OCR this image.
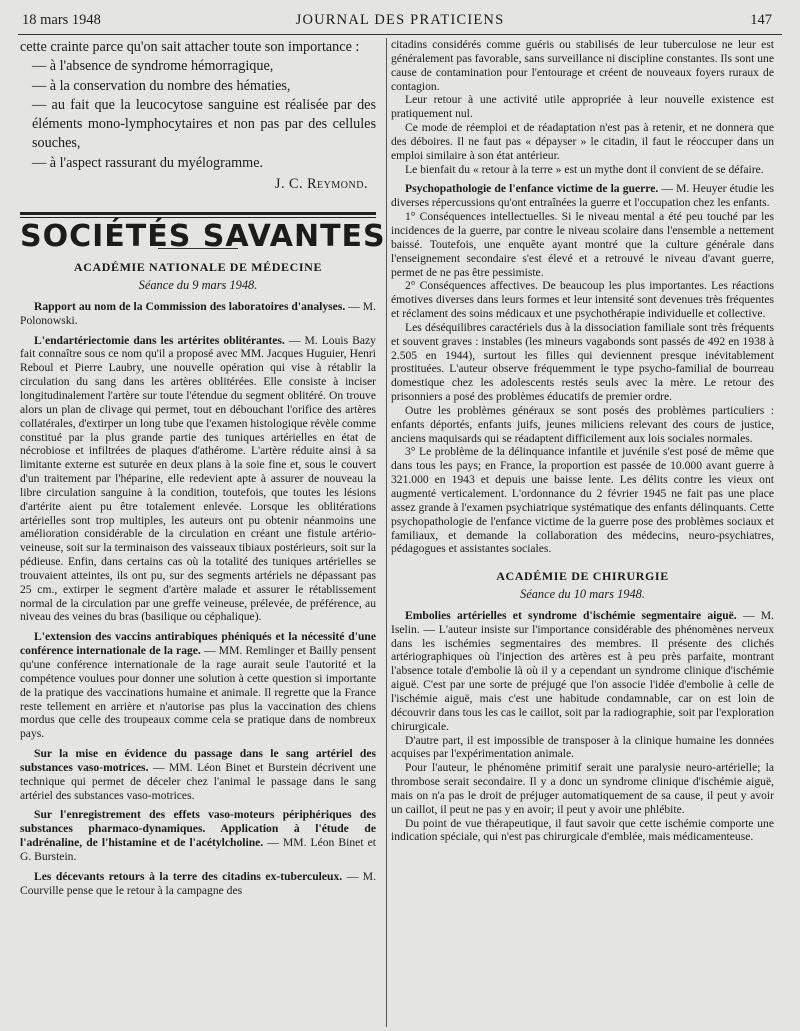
18 mars 1948	JOURNAL DES PRATICIENS	147

cette crainte parce qu'on sait attacher toute son importance :

— à l'absence de syndrome hémorragique,

— à la conservation du nombre des hématies,

— au fait que la leucocytose sanguine est réalisée par des éléments mono-lymphocytaires et non pas par des cellules souches,

— à l'aspect rassurant du myélogramme.

J. C. Reymond.

SOCIÉTÉS SAVANTES
ACADÉMIE NATIONALE DE MÉDECINE
Séance du 9 mars 1948.

Rapport au nom de la Commission des laboratoires d'analyses. — M. Polonowski.

L'endartériectomie dans les artérites oblitérantes. — M. Louis Bazy fait connaître sous ce nom qu'il a proposé avec MM. Jacques Huguier, Henri Reboul et Pierre Laubry, une nouvelle opération qui vise à rétablir la circulation du sang dans les artères oblitérées. Elle consiste à inciser longitudinalement l'artère sur toute l'étendue du segment oblitéré. On trouve alors un plan de clivage qui permet, tout en débouchant l'orifice des artères collatérales, d'extirper un long tube que l'examen histologique révèle comme constitué par la plus grande partie des tuniques artérielles en état de nécrobiose et infiltrées de plaques d'athérome. L'artère réduite ainsi à sa limitante externe est suturée en deux plans à la soie fine et, sous le couvert d'un traitement par l'héparine, elle redevient apte à assurer de nouveau la libre circulation sanguine à la condition, toutefois, que toutes les lésions d'artérite aient pu être totalement enlevée. Lorsque les oblitérations artérielles sont trop multiples, les auteurs ont pu obtenir néanmoins une amélioration considérable de la circulation en créant une fistule artério-veineuse, soit sur la terminaison des vaisseaux tibiaux postérieurs, soit sur la pédieuse. Enfin, dans certains cas où la totalité des tuniques artérielles se trouvaient atteintes, ils ont pu, sur des segments artériels ne dépassant pas 25 cm., extirper le segment d'artère malade et assurer le rétablissement normal de la circulation par une greffe veineuse, prélevée, de préférence, au niveau des veines du bras (basilique ou céphalique).

L'extension des vaccins antirabiques phéniqués et la nécessité d'une conférence internationale de la rage. — MM. Remlinger et Bailly pensent qu'une conférence internationale de la rage aurait seule l'autorité et la compétence voulues pour donner une solution à cette question si importante de la pratique des vaccinations humaine et animale. Il regrette que la France reste tellement en arrière et n'autorise pas plus la vaccination des chiens mordus que celle des troupeaux comme cela se pratique dans de nombreux pays.

Sur la mise en évidence du passage dans le sang artériel des substances vaso-motrices. — MM. Léon Binet et Burstein décrivent une technique qui permet de déceler chez l'animal le passage dans le sang artériel des substances vaso-motrices.

Sur l'enregistrement des effets vaso-moteurs périphériques des substances pharmaco-dynamiques. Application à l'étude de l'adrénaline, de l'histamine et de l'acétylcholine. — MM. Léon Binet et G. Burstein.

Les décevants retours à la terre des citadins ex-tuberculeux. — M. Courville pense que le retour à la campagne des

citadins considérés comme guéris ou stabilisés de leur tuberculose ne leur est généralement pas favorable, sans surveillance ni discipline constantes. Ils sont une cause de contamination pour l'entourage et créent de nouveaux foyers ruraux de contagion.

Leur retour à une activité utile appropriée à leur nouvelle existence est pratiquement nul.

Ce mode de réemploi et de réadaptation n'est pas à retenir, et ne donnera que des déboires. Il ne faut pas « dépayser » le citadin, il faut le réoccuper dans un emploi similaire à son état antérieur.

Le bienfait du « retour à la terre » est un mythe dont il convient de se défaire.

Psychopathologie de l'enfance victime de la guerre. — M. Heuyer étudie les diverses répercussions qu'ont entraînées la guerre et l'occupation chez les enfants.

1° Conséquences intellectuelles. Si le niveau mental a été peu touché par les incidences de la guerre, par contre le niveau scolaire dans l'ensemble a nettement baissé. Toutefois, une enquête ayant montré que la culture générale dans l'enseignement secondaire s'est élevé et a retrouvé le niveau d'avant guerre, permet de ne pas être pessimiste.

2° Conséquences affectives. De beaucoup les plus importantes. Les réactions émotives diverses dans leurs formes et leur intensité sont devenues très fréquentes et réclament des soins médicaux et une psychothérapie individuelle et collective.

Les déséquilibres caractériels dus à la dissociation familiale sont très fréquents et souvent graves : instables (les mineurs vagabonds sont passés de 492 en 1938 à 2.505 en 1944), surtout les filles qui deviennent presque inévitablement prostituées. L'auteur observe fréquemment le type psycho-familial de bourreau domestique chez les adolescents restés seuls avec la mère. Le retour des prisonniers a posé des problèmes éducatifs de premier ordre.

Outre les problèmes généraux se sont posés des problèmes particuliers : enfants déportés, enfants juifs, jeunes miliciens relevant des cours de justice, anciens maquisards qui se réadaptent difficilement aux lois sociales normales.

3° Le problème de la délinquance infantile et juvénile s'est posé de même que dans tous les pays; en France, la proportion est passée de 10.000 avant guerre à 321.000 en 1943 et depuis une baisse lente. Les délits contre les vieux ont augmenté verticalement. L'ordonnance du 2 février 1945 ne fait pas une place assez grande à l'examen psychiatrique systématique des enfants délinquants. Cette psychopathologie de l'enfance victime de la guerre pose des problèmes sociaux et familiaux, et demande la collaboration des médecins, neuro-psychiatres, pédagogues et assistantes sociales.

ACADÉMIE DE CHIRURGIE
Séance du 10 mars 1948.

Embolies artérielles et syndrome d'ischémie segmentaire aiguë. — M. Iselin. — L'auteur insiste sur l'importance considérable des phénomènes nerveux dans les ischémies segmentaires des membres. Il présente des clichés artériographiques où l'injection des artères est à peu près parfaite, montrant l'absence totale d'embolie là où il y a cependant un syndrome clinique d'ischémie aiguë. C'est par une sorte de préjugé que l'on associe l'idée d'embolie à celle de l'ischémie aiguë, mais c'est une habitude condamnable, car on est loin de découvrir dans tous les cas le caillot, soit par la radiographie, soit par l'exploration chirurgicale.

D'autre part, il est impossible de transposer à la clinique humaine les données acquises par l'expérimentation animale.

Pour l'auteur, le phénomène primitif serait une paralysie neuro-artérielle; la thrombose serait secondaire. Il y a donc un syndrome clinique d'ischémie aiguë, mais on n'a pas le droit de préjuger automatiquement de sa cause, il peut y avoir un caillot, il peut ne pas y en avoir; il peut y avoir une phlébite.

Du point de vue thérapeutique, il faut savoir que cette ischémie comporte une indication spéciale, qui n'est pas chirurgicale d'emblée, mais médicamenteuse.
